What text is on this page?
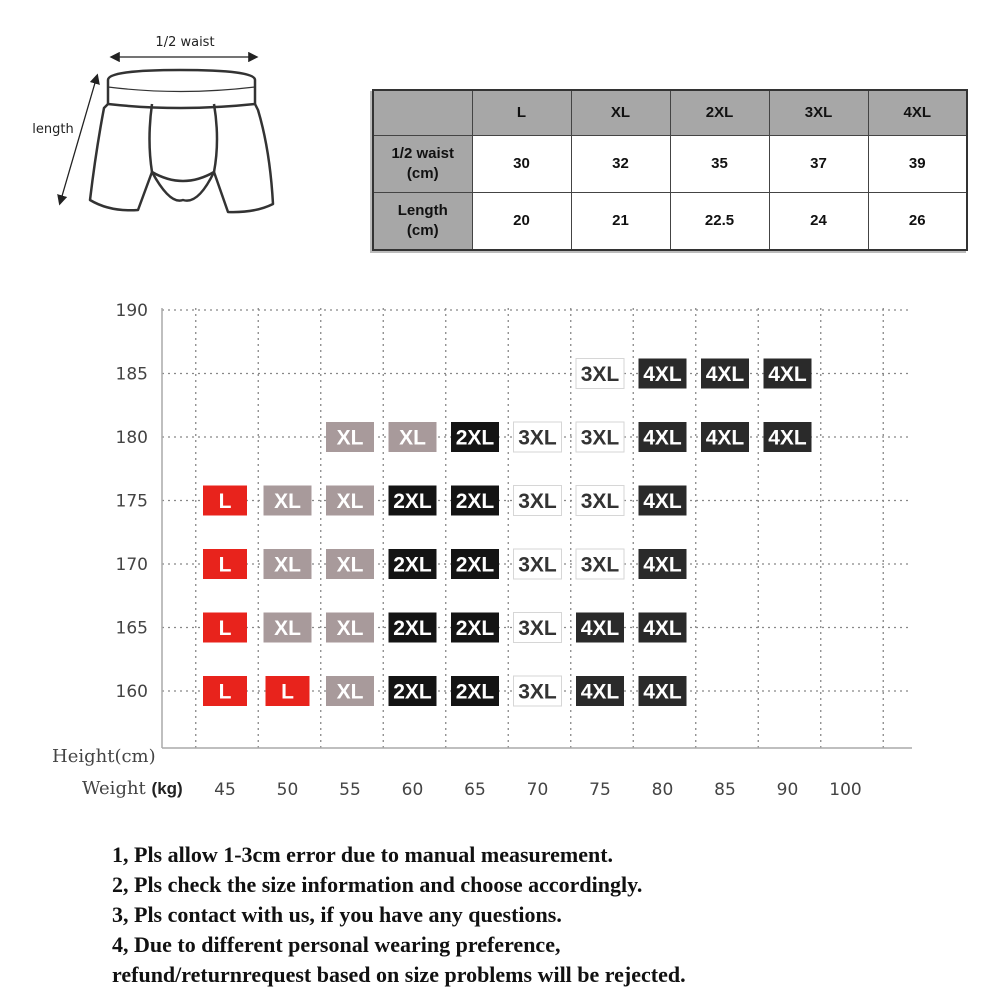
1/2 waist
length
	L	XL	2XL	3XL	4XL
1/2 waist
(cm)	30	32	35	37	39
Length
(cm)	20	21	22.5	24	26
3XL 4XL 4XL 4XL
XL XL 2XL 3XL 3XL 4XL 4XL 4XL
L XL XL 2XL 2XL 3XL 3XL 4XL
L XL XL 2XL 2XL 3XL 3XL 4XL
L XL XL 2XL 2XL 3XL 4XL 4XL
L L XL 2XL 2XL 3XL 4XL 4XL
190
185
180
175
170
165
160
45 50 55 60 65 70 75 80 85 90 100
Height(cm)
Weight (kg)
1, Pls allow 1-3cm error due to manual measurement.
2, Pls check the size information and choose accordingly.
3, Pls contact with us, if you have any questions.
4, Due to different personal wearing preference,
refund/returnrequest based on size problems will be rejected.
